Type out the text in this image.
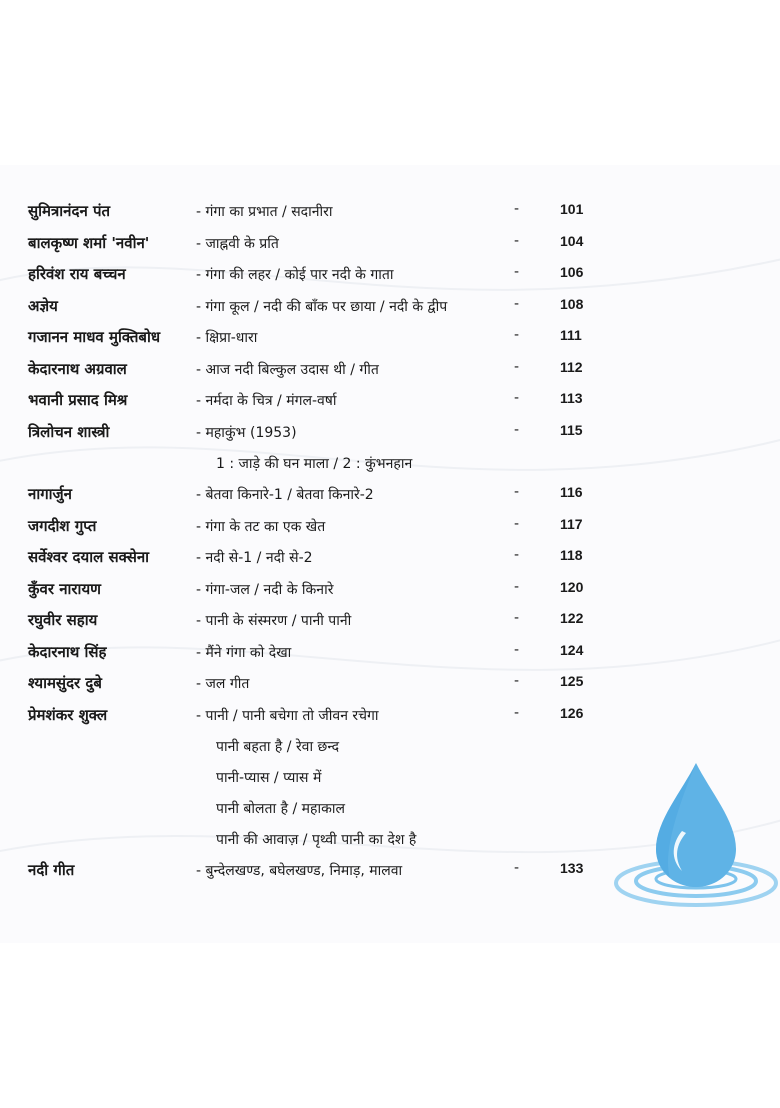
सुमित्रानंदन पंत	- गंगा का प्रभात / सदानीरा	-	101
बालकृष्ण शर्मा 'नवीन'	- जाह्नवी के प्रति	-	104
हरिवंश राय बच्चन	- गंगा की लहर / कोई पार नदी के गाता	-	106
अज्ञेय	- गंगा कूल / नदी की बाँक पर छाया / नदी के द्वीप	-	108
गजानन माधव मुक्तिबोध	- क्षिप्रा-धारा	-	111
केदारनाथ अग्रवाल	- आज नदी बिल्कुल उदास थी / गीत	-	112
भवानी प्रसाद मिश्र	- नर्मदा के चित्र / मंगल-वर्षा	-	113
त्रिलोचन शास्त्री	- महाकुंभ (1953)	-	115
1 : जाड़े की घन माला / 2 : कुंभनहान
नागार्जुन	- बेतवा किनारे-1 / बेतवा किनारे-2	-	116
जगदीश गुप्त	- गंगा के तट का एक खेत	-	117
सर्वेश्वर दयाल सक्सेना	- नदी से-1 / नदी से-2	-	118
कुँवर नारायण	- गंगा-जल / नदी के किनारे	-	120
रघुवीर सहाय	- पानी के संस्मरण / पानी पानी	-	122
केदारनाथ सिंह	- मैंने गंगा को देखा	-	124
श्यामसुंदर दुबे	- जल गीत	-	125
प्रेमशंकर शुक्ल	- पानी / पानी बचेगा तो जीवन रचेगा	-	126
पानी बहता है / रेवा छन्द
पानी-प्यास / प्यास में
पानी बोलता है / महाकाल
पानी की आवाज़ / पृथ्वी पानी का देश है
नदी गीत	- बुन्देलखण्ड, बघेलखण्ड, निमाड़, मालवा	-	133
